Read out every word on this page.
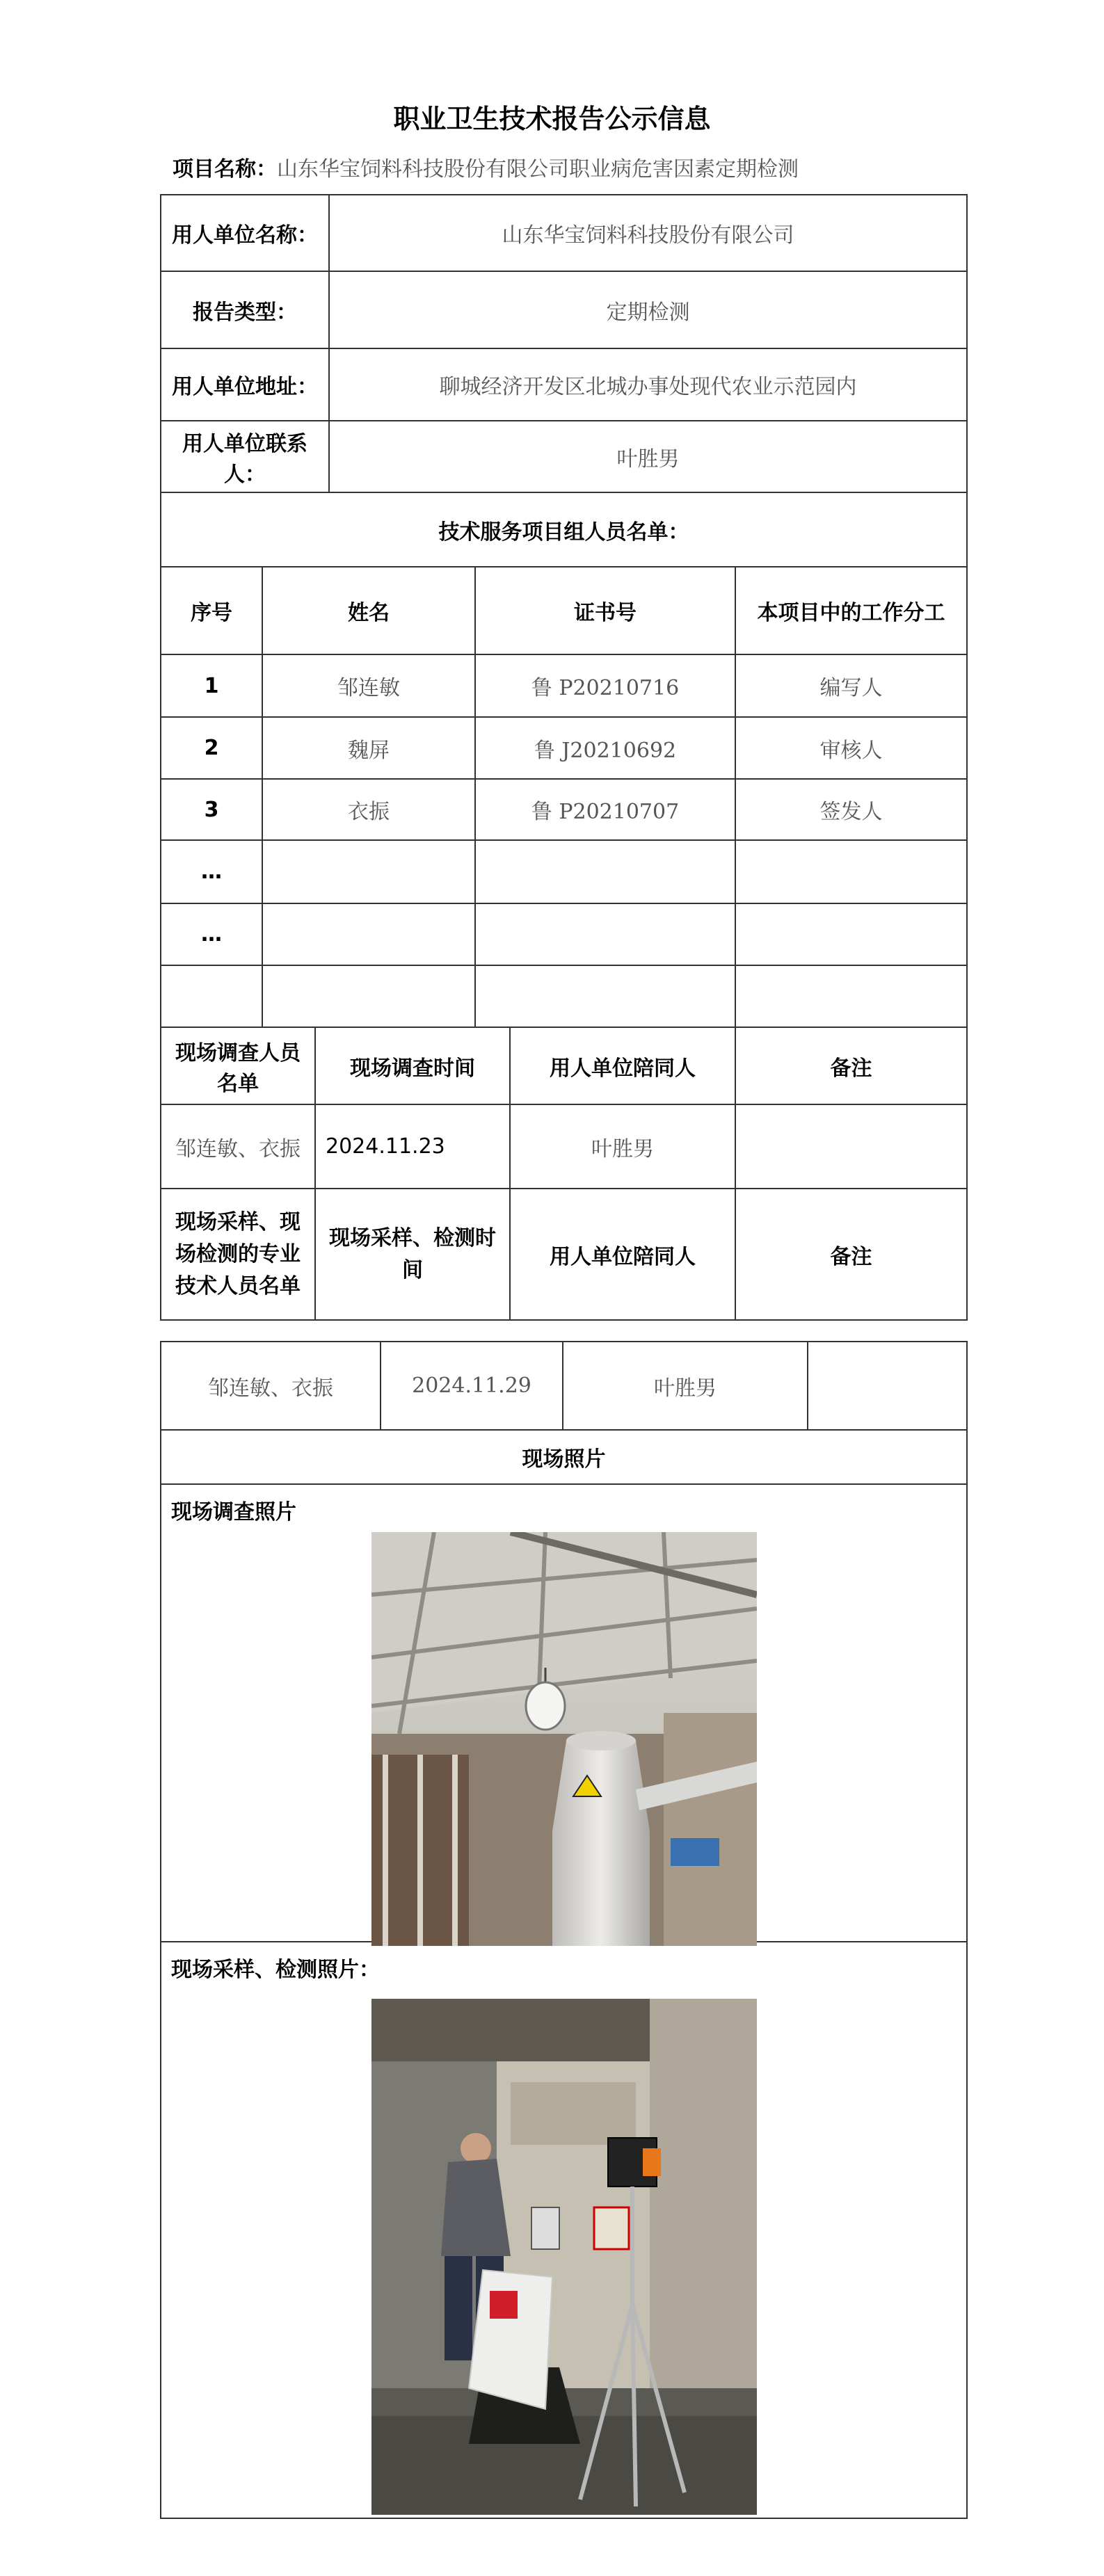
职业卫生技术报告公示信息
项目名称：山东华宝饲料科技股份有限公司职业病危害因素定期检测
用人单位名称：			山东华宝饲料科技股份有限公司			
报告类型：			定期检测			
用人单位地址：			聊城经济开发区北城办事处现代农业示范园内			
用人单位联系人：			叶胜男			
技术服务项目组人员名单：						
序号	姓名			证书号		本项目中的工作分工
1	邹连敏			鲁 P20210716		编写人
2	魏屏			鲁 J20210692		审核人
3	衣振			鲁 P20210707		签发人
…						
…						

现场调查人员名单		现场调查时间			用人单位陪同人	备注
邹连敏、衣振		2024.11.23			叶胜男	
现场采样、现场检测的专业技术人员名单		现场采样、检测时间			用人单位陪同人	备注
邹连敏、衣振	2024.11.29	叶胜男	
现场照片
现场调查照片
现场采样、检测照片：
